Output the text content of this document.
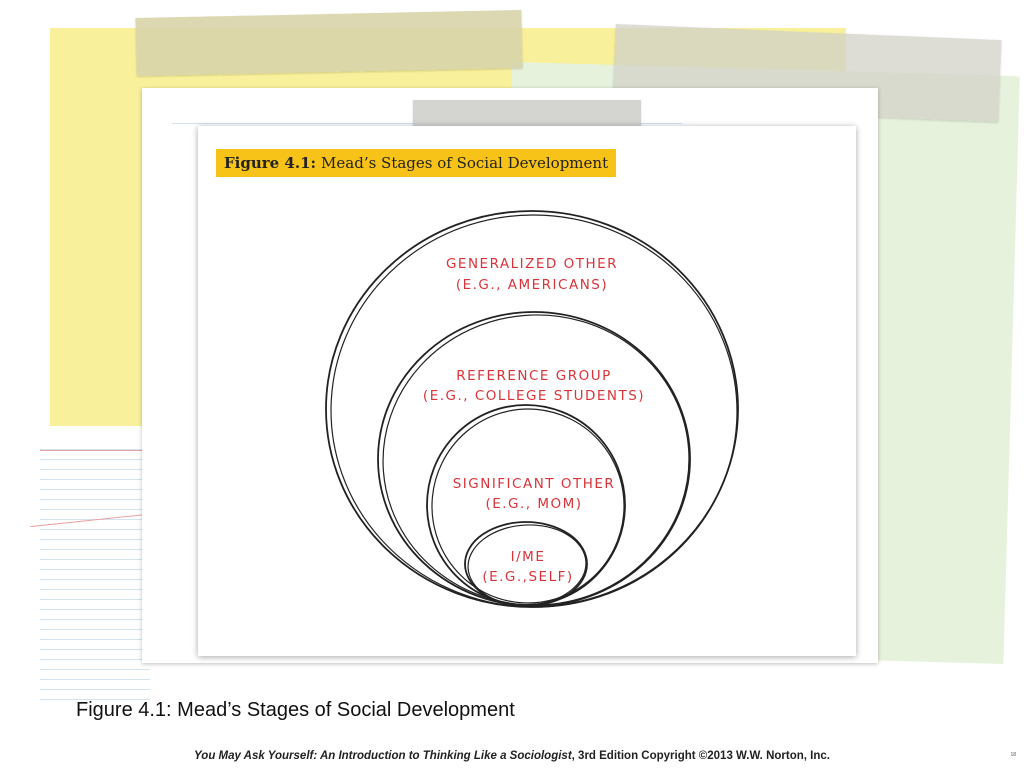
Figure 4.1: Mead’s Stages of Social Development
GENERALIZED OTHER
(E.G., AMERICANS)
REFERENCE GROUP
(E.G., COLLEGE STUDENTS)
SIGNIFICANT OTHER
(E.G., MOM)
I/ME
(E.G.,SELF)
Figure 4.1: Mead’s Stages of Social Development
You May Ask Yourself: An Introduction to Thinking Like a Sociologist, 3rd Edition Copyright ©2013 W.W. Norton, Inc.	18
